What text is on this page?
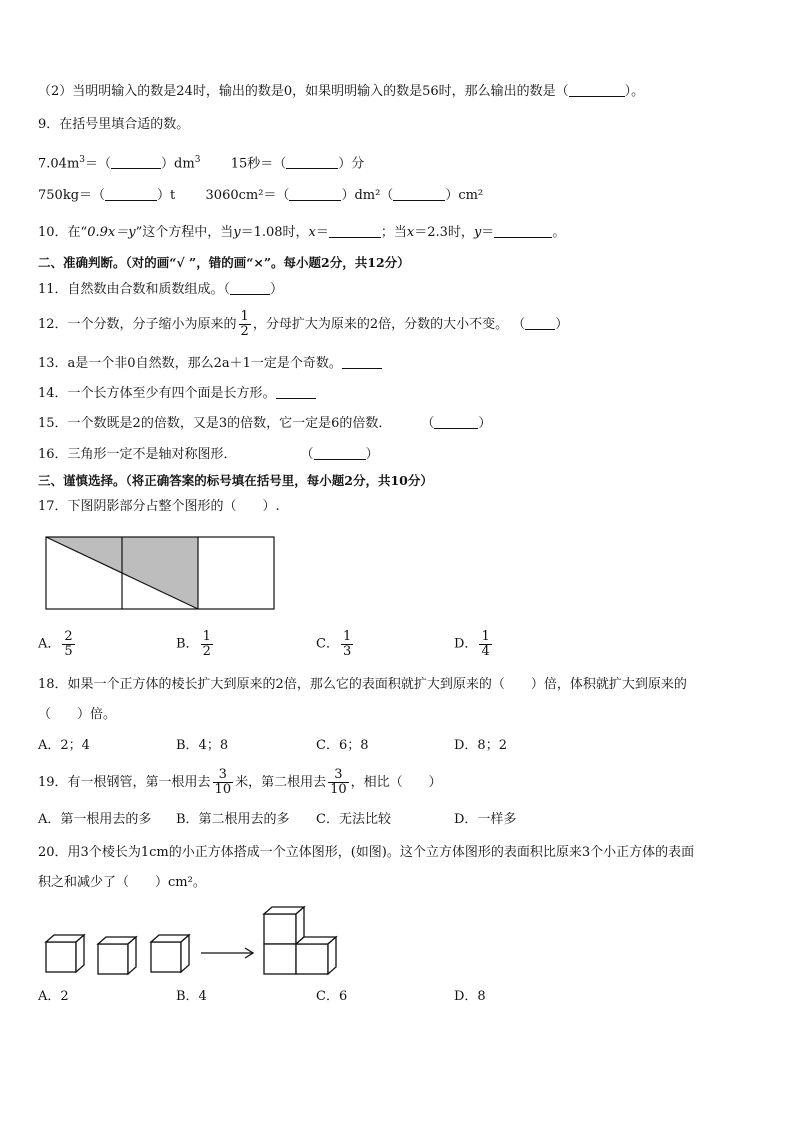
（2）当明明输入的数是24时，输出的数是0，如果明明输入的数是56时，那么输出的数是（	）。
9．在括号里填合适的数。
$7.04m^3=$（	）$dm^3$ 15秒＝（	）分
750kg＝（	）t 3060cm²＝（	）dm²（	）cm²
10．在“0.9x＝y”这个方程中，当y＝1.08时，x＝	；当x＝2.3时，y＝	。
二、准确判断。（对的画“√ ”，错的画“×”。每小题2分，共12分）
11．自然数由合数和质数组成。（	）
12．一个分数，分子缩小为原来的 $\frac{1}{2}$ ，分母扩大为原来的2倍，分数的大小不变。 （ ）
13．a是一个非0自然数，那么2a＋1一定是个奇数。
14．一个长方体至少有四个面是长方形。
15．一个数既是2的倍数，又是3的倍数，它一定是6的倍数． （	）
16．三角形一定不是轴对称图形．	（	）
三、谨慎选择。（将正确答案的标号填在括号里，每小题2分，共10分）
17．下图阴影部分占整个图形的（　　）.
A． $\frac{2}{5}$	B． $\frac{1}{2}$	C． $\frac{1}{3}$	D． $\frac{1}{4}$
18．如果一个正方体的棱长扩大到原来的2倍，那么它的表面积就扩大到原来的（　　）倍，体积就扩大到原来的
（　　）倍。
A．2；4	B．4；8	C．6；8	D．8；2
19．有一根钢管，第一根用去 $\frac{3}{10}$ 米，第二根用去 $\frac{3}{10}$ ，相比（　　）
A．第一根用去的多 B．第二根用去的多 C．无法比较	D．一样多
20．用3个棱长为1cm的小正方体搭成一个立体图形，(如图)。这个立方体图形的表面积比原来3个小正方体的表面
积之和减少了（　　）cm²。
A．2	B．4	C．6	D．8
